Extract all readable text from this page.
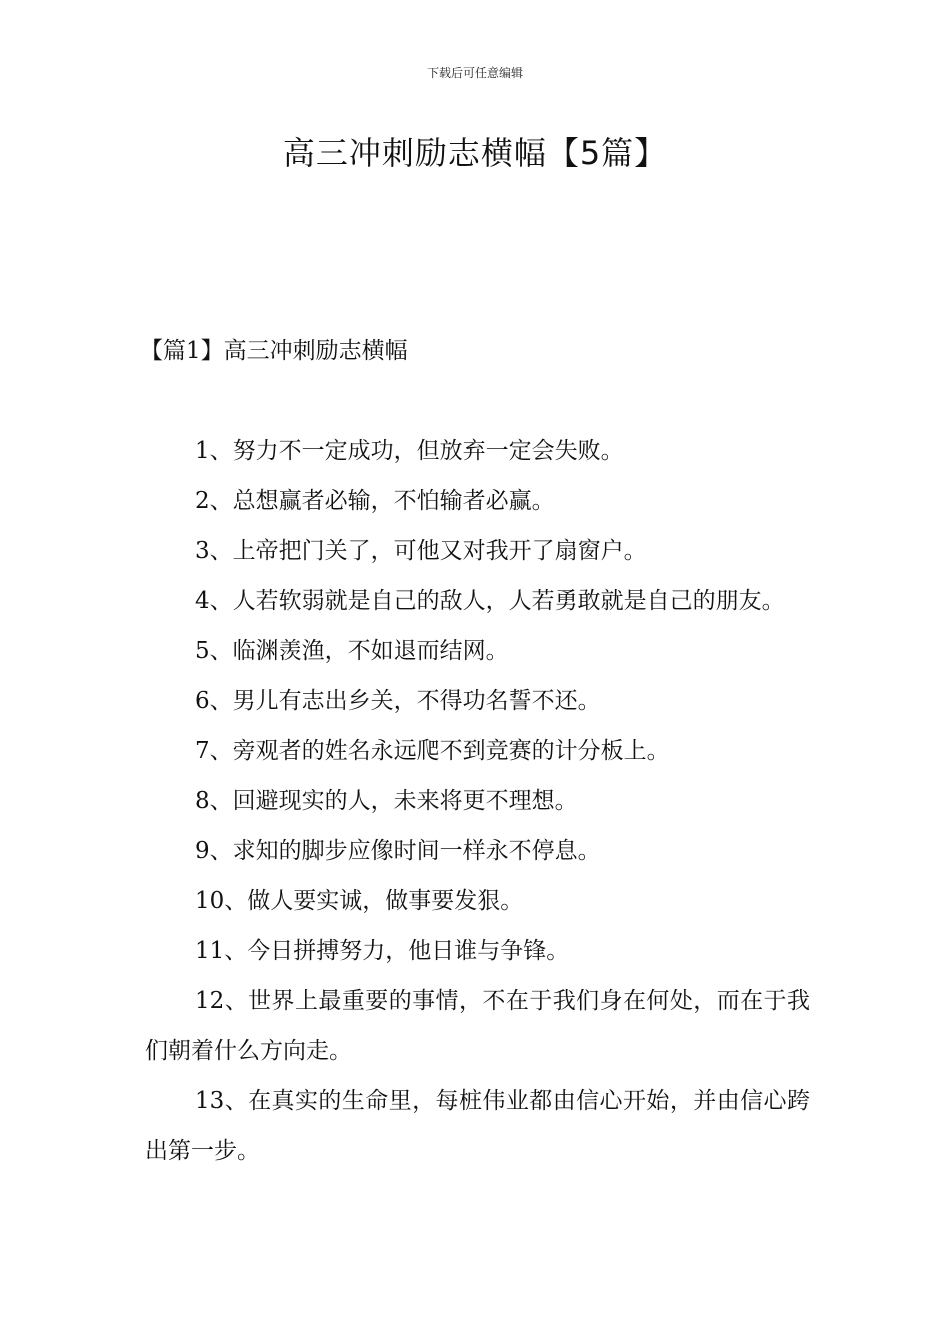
下载后可任意编辑
高三冲刺励志横幅【5篇】
【篇1】高三冲刺励志横幅
1、努力不一定成功，但放弃一定会失败。
2、总想赢者必输，不怕输者必赢。
3、上帝把门关了，可他又对我开了扇窗户。
4、人若软弱就是自己的敌人，人若勇敢就是自己的朋友。
5、临渊羡渔，不如退而结网。
6、男儿有志出乡关，不得功名誓不还。
7、旁观者的姓名永远爬不到竞赛的计分板上。
8、回避现实的人，未来将更不理想。
9、求知的脚步应像时间一样永不停息。
10、做人要实诚，做事要发狠。
11、今日拼搏努力，他日谁与争锋。
12、世界上最重要的事情，不在于我们身在何处，而在于我们朝着什么方向走。
13、在真实的生命里，每桩伟业都由信心开始，并由信心跨出第一步。
